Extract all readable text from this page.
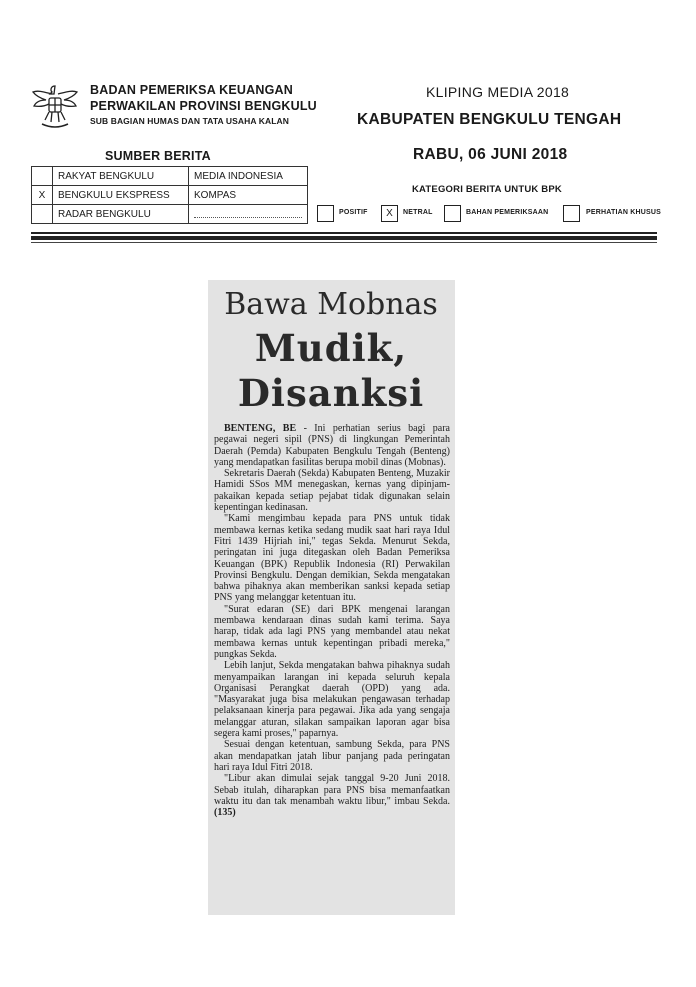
BADAN PEMERIKSA KEUANGAN
PERWAKILAN PROVINSI BENGKULU
SUB BAGIAN HUMAS DAN TATA USAHA KALAN
KLIPING MEDIA 2018
KABUPATEN BENGKULU TENGAH
RABU, 06 JUNI 2018
SUMBER BERITA
	RAKYAT BENGKULU	MEDIA INDONESIA
X	BENGKULU EKSPRESS	KOMPAS
	RADAR BENGKULU	
KATEGORI BERITA UNTUK BPK
POSITIF	X	NETRAL	BAHAN PEMERIKSAAN	PERHATIAN KHUSUS
Bawa Mobnas
Mudik,
Disanksi

BENTENG, BE - Ini perhatian serius bagi para pegawai negeri sipil (PNS) di lingkungan Pemerintah Daerah (Pemda) Kabupaten Bengkulu Tengah (Benteng) yang mendapatkan fasilitas berupa mobil dinas (Mobnas).

Sekretaris Daerah (Sekda) Kabupaten Benteng, Muzakir Hamidi SSos MM menegaskan, kernas yang dipinjam-pakaikan kepada setiap pejabat tidak digunakan selain kepentingan kedinasan.

"Kami mengimbau kepada para PNS untuk tidak membawa kernas ketika sedang mudik saat hari raya Idul Fitri 1439 Hijriah ini," tegas Sekda. Menurut Sekda, peringatan ini juga ditegaskan oleh Badan Pemeriksa Keuangan (BPK) Republik Indonesia (RI) Perwakilan Provinsi Bengkulu. Dengan demikian, Sekda mengatakan bahwa pihaknya akan memberikan sanksi kepada setiap PNS yang melanggar ketentuan itu.

"Surat edaran (SE) dari BPK mengenai larangan membawa kendaraan dinas sudah kami terima. Saya harap, tidak ada lagi PNS yang membandel atau nekat membawa kernas untuk kepentingan pribadi mereka," pungkas Sekda.

Lebih lanjut, Sekda mengatakan bahwa pihaknya sudah menyampaikan larangan ini kepada seluruh kepala Organisasi Perangkat daerah (OPD) yang ada. "Masyarakat juga bisa melakukan pengawasan terhadap pelaksanaan kinerja para pegawai. Jika ada yang sengaja melanggar aturan, silakan sampaikan laporan agar bisa segera kami proses," paparnya.

Sesuai dengan ketentuan, sambung Sekda, para PNS akan mendapatkan jatah libur panjang pada peringatan hari raya Idul Fitri 2018.

"Libur akan dimulai sejak tanggal 9-20 Juni 2018. Sebab itulah, diharapkan para PNS bisa memanfaatkan waktu itu dan tak menambah waktu libur," imbau Sekda.(135)
